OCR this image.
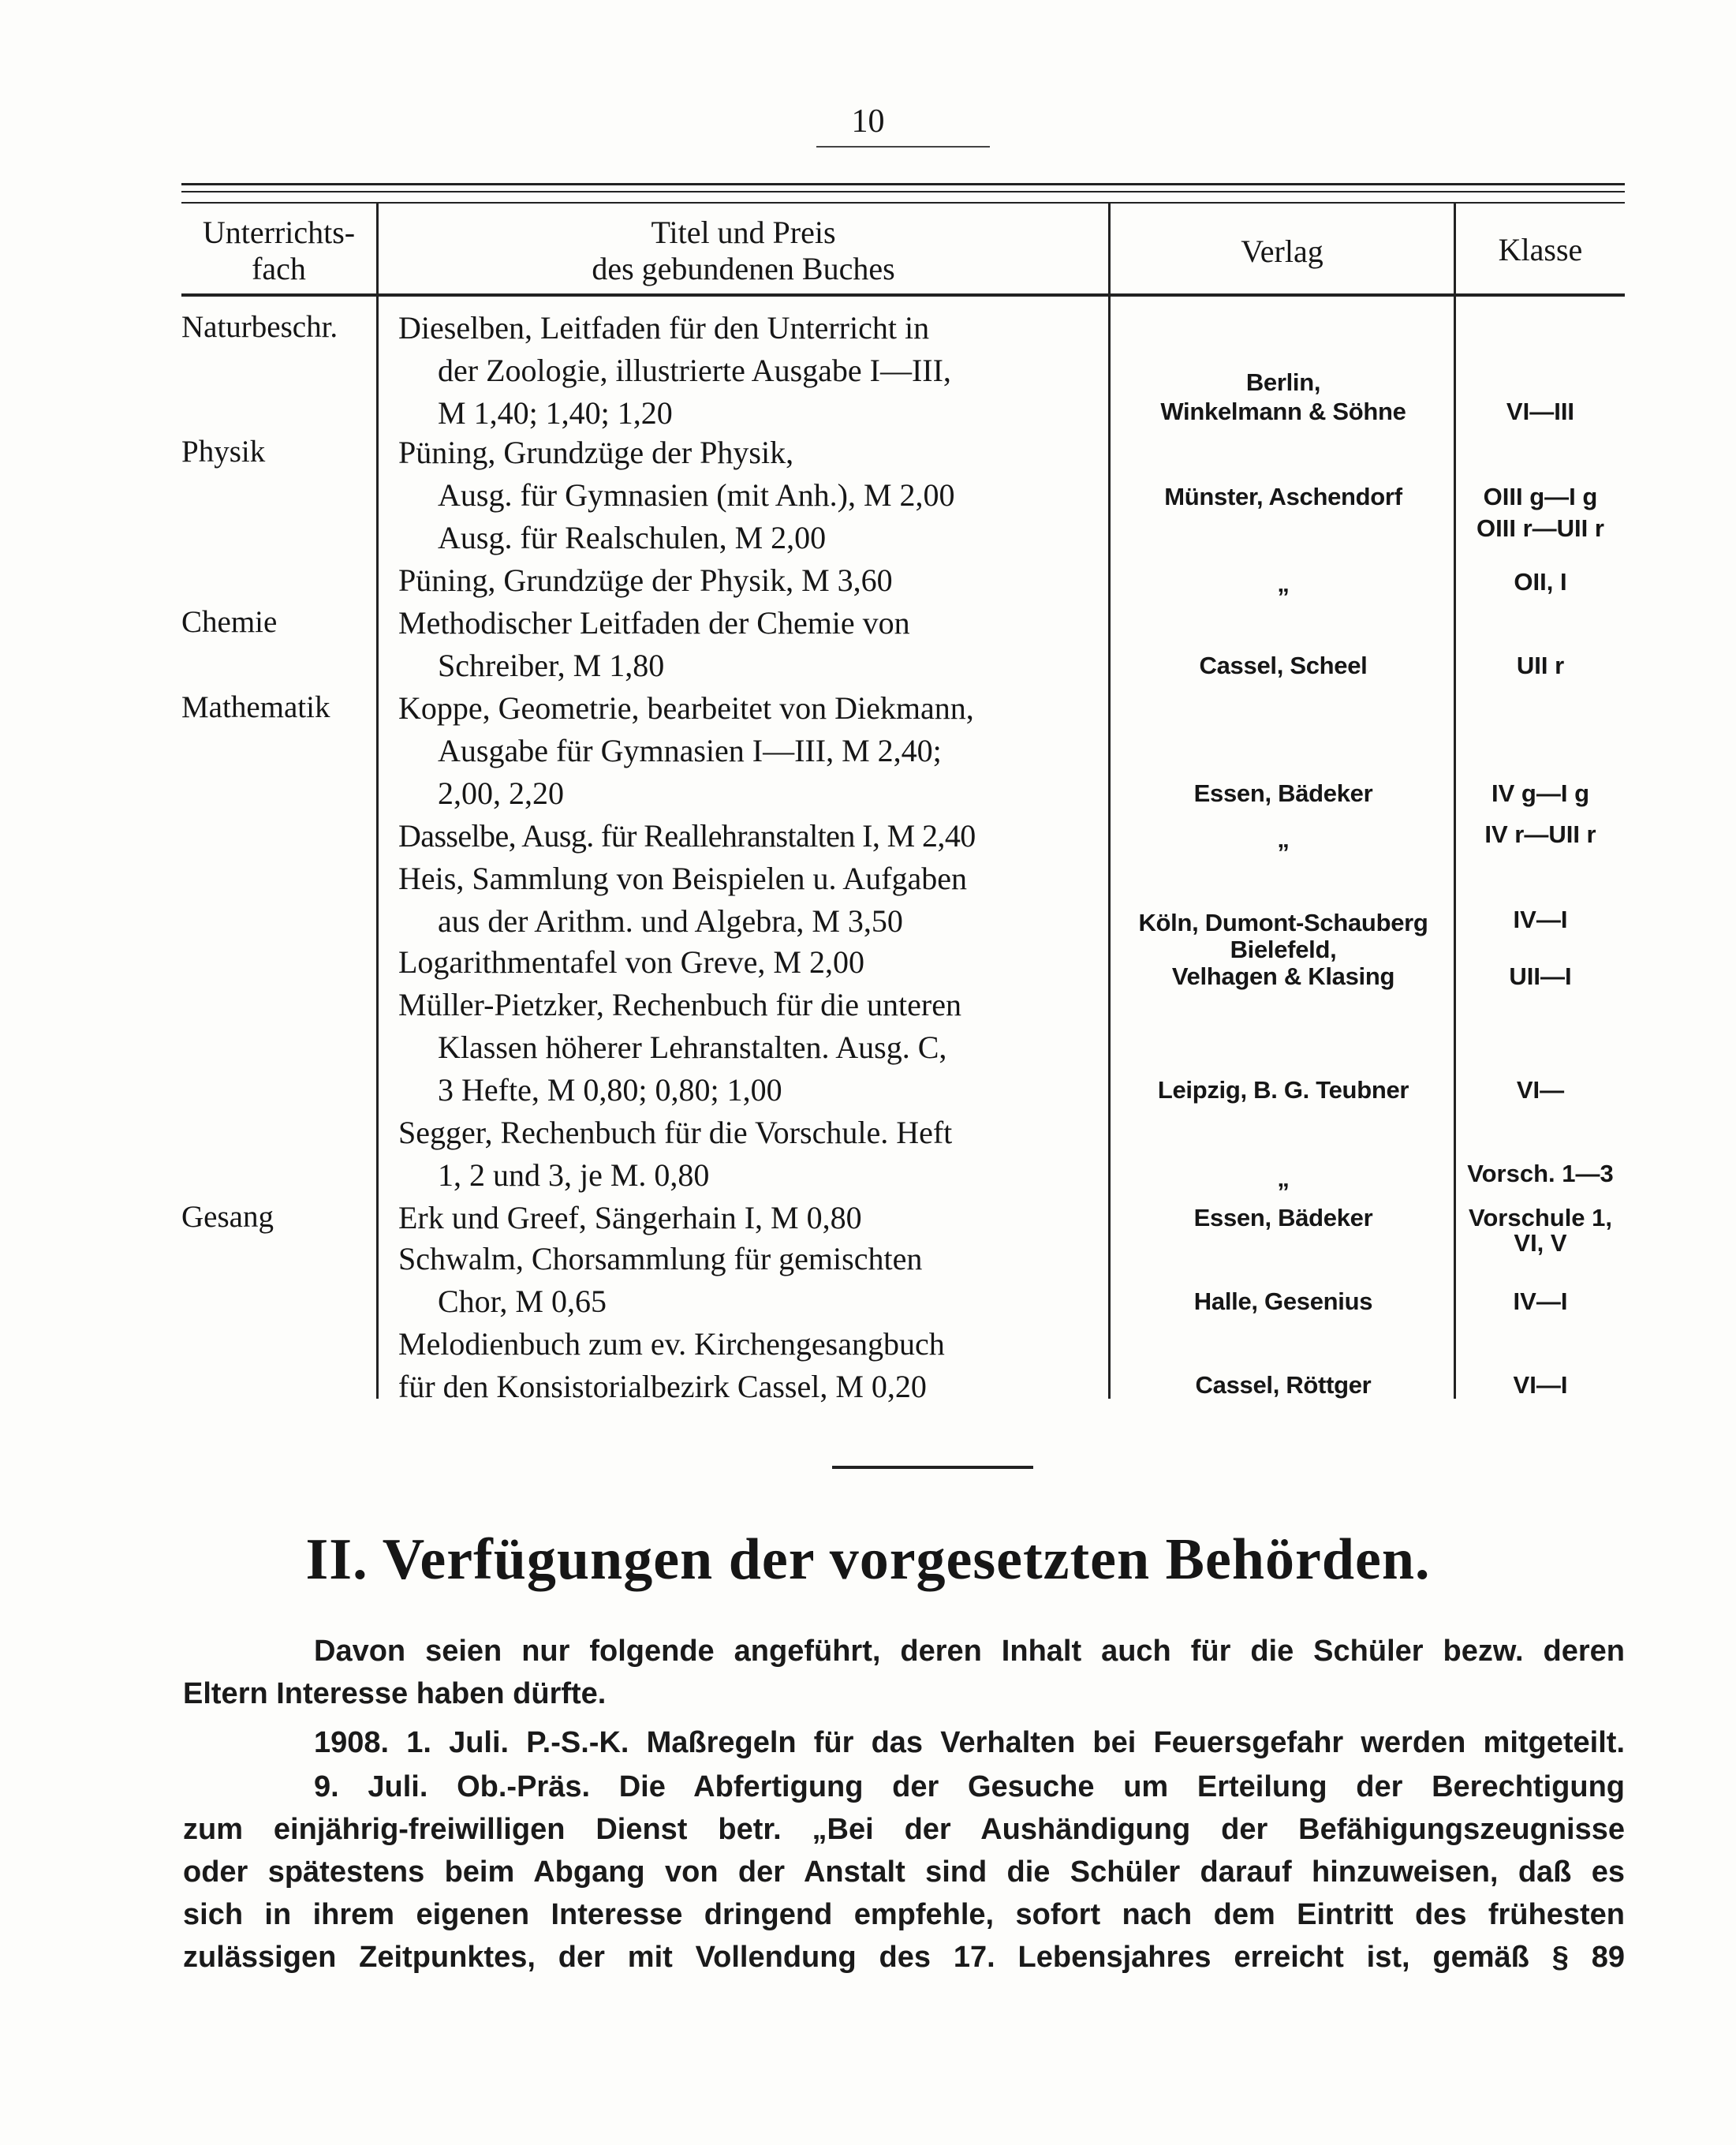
10
Unterrichts-
fach
Titel und Preis
des gebundenen Buches	Verlag	Klasse
Naturbeschr.
Physik
Chemie
Mathematik
Gesang
Dieselben, Leitfaden für den Unterricht in
der Zoologie, illustrierte Ausgabe I—III,
M 1,40; 1,40; 1,20
Püning, Grundzüge der Physik,
Ausg. für Gymnasien (mit Anh.), M 2,00
Ausg. für Realschulen, M 2,00
Püning, Grundzüge der Physik, M 3,60
Methodischer Leitfaden der Chemie von
Schreiber, M 1,80
Koppe, Geometrie, bearbeitet von Diekmann,
Ausgabe für Gymnasien I—III, M 2,40;
2,00, 2,20
Dasselbe, Ausg. für Reallehranstalten I, M 2,40
Heis, Sammlung von Beispielen u. Aufgaben
aus der Arithm. und Algebra, M 3,50
Logarithmentafel von Greve, M 2,00
Müller-Pietzker, Rechenbuch für die unteren
Klassen höherer Lehranstalten. Ausg. C,
3 Hefte, M 0,80; 0,80; 1,00
Segger, Rechenbuch für die Vorschule. Heft
1, 2 und 3, je M. 0,80
Erk und Greef, Sängerhain I, M 0,80
Schwalm, Chorsammlung für gemischten
Chor, M 0,65
Melodienbuch zum ev. Kirchengesangbuch
für den Konsistorialbezirk Cassel, M 0,20
Berlin,
Winkelmann & Söhne
Münster, Aschendorf
„
Cassel, Scheel
Essen, Bädeker
„
Köln, Dumont-Schauberg
Bielefeld,
Velhagen & Klasing
Leipzig, B. G. Teubner
„
Essen, Bädeker
Halle, Gesenius
Cassel, Röttger
VI—III
OIII g—I g
OIII r—UII r
OII, I
UII r
IV g—I g
IV r—UII r
IV—I
UII—I
VI—
Vorsch. 1—3
Vorschule 1,
VI, V
IV—I
VI—I
II. Verfügungen der vorgesetzten Behörden.
Davon seien nur folgende angeführt, deren Inhalt auch für die Schüler bezw. deren
Eltern Interesse haben dürfte.
1908. 1. Juli. P.-S.-K. Maßregeln für das Verhalten bei Feuersgefahr werden mitgeteilt.
9. Juli. Ob.-Präs. Die Abfertigung der Gesuche um Erteilung der Berechtigung
zum einjährig-freiwilligen Dienst betr. „Bei der Aushändigung der Befähigungszeugnisse
oder spätestens beim Abgang von der Anstalt sind die Schüler darauf hinzuweisen, daß es
sich in ihrem eigenen Interesse dringend empfehle, sofort nach dem Eintritt des frühesten
zulässigen Zeitpunktes, der mit Vollendung des 17. Lebensjahres erreicht ist, gemäß § 89
